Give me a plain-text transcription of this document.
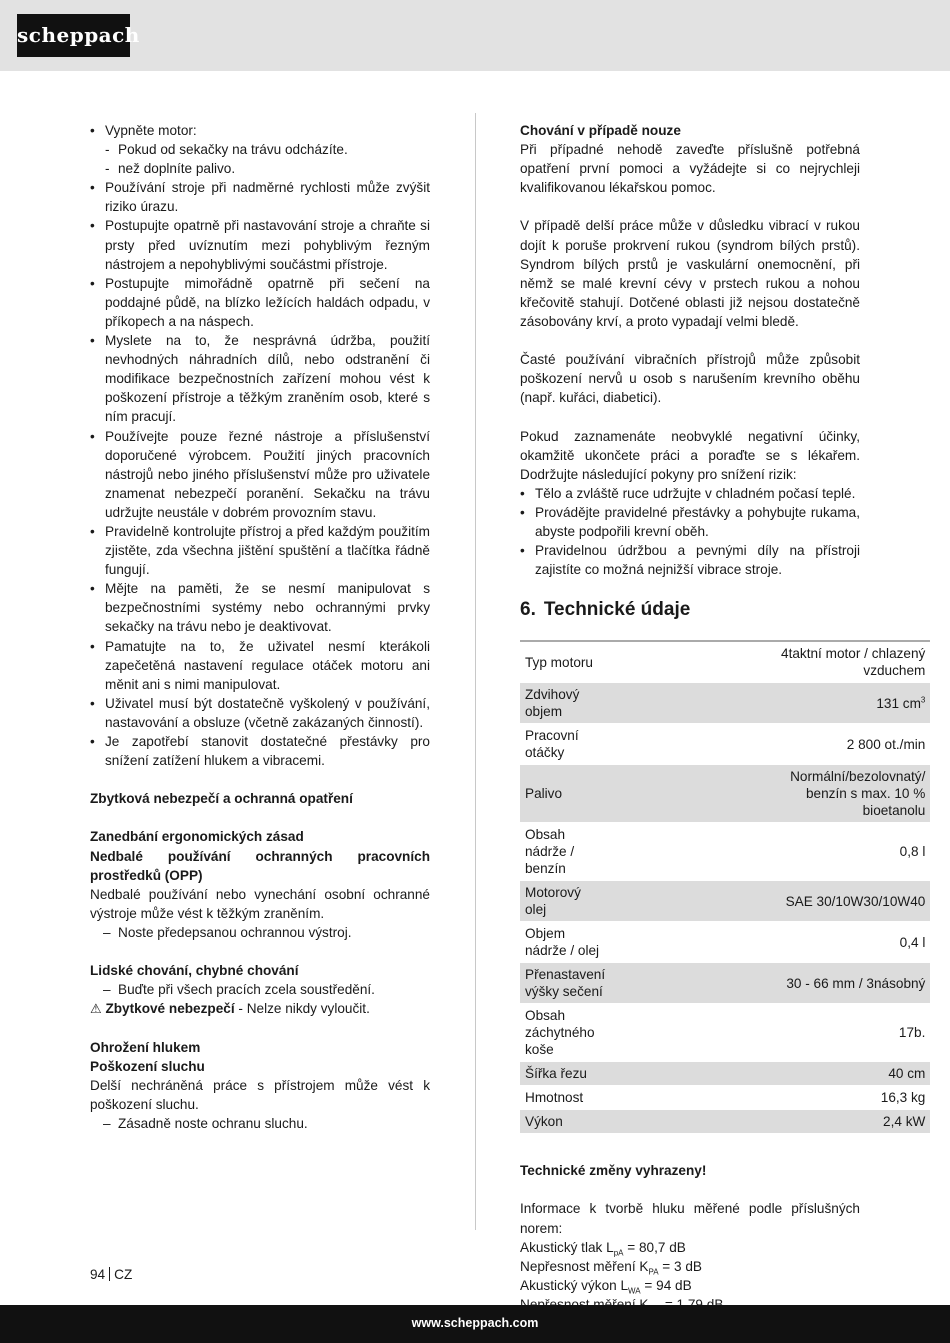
scheppach
• Vypněte motor:
- Pokud od sekačky na trávu odcházíte.
- než doplníte palivo.
• Používání stroje při nadměrné rychlosti může zvýšit riziko úrazu.
• Postupujte opatrně při nastavování stroje a chraňte si prsty před uvíznutím mezi pohyblivým řezným nástrojem a nepohyblivými součástmi přístroje.
• Postupujte mimořádně opatrně při sečení na poddajné půdě, na blízko ležících haldách odpadu, v příkopech a na náspech.
• Myslete na to, že nesprávná údržba, použití nevhodných náhradních dílů, nebo odstranění či modifikace bezpečnostních zařízení mohou vést k poškození přístroje a těžkým zraněním osob, které s ním pracují.
• Používejte pouze řezné nástroje a příslušenství doporučené výrobcem. Použití jiných pracovních nástrojů nebo jiného příslušenství může pro uživatele znamenat nebezpečí poranění. Sekačku na trávu udržujte neustále v dobrém provozním stavu.
• Pravidelně kontrolujte přístroj a před každým použitím zjistěte, zda všechna jištění spuštění a tlačítka řádně fungují.
• Mějte na paměti, že se nesmí manipulovat s bezpečnostními systémy nebo ochrannými prvky sekačky na trávu nebo je deaktivovat.
• Pamatujte na to, že uživatel nesmí kterákoli zapečetěná nastavení regulace otáček motoru ani měnit ani s nimi manipulovat.
• Uživatel musí být dostatečně vyškolený v používání, nastavování a obsluze (včetně zakázaných činností).
• Je zapotřebí stanovit dostatečné přestávky pro snížení zatížení hlukem a vibracemi.

Zbytková nebezpečí a ochranná opatření

Zanedbání ergonomických zásad

Nedbalé používání ochranných pracovních prostředků (OPP)

Nedbalé používání nebo vynechání osobní ochranné výstroje může vést k těžkým zraněním.

– Noste předepsanou ochrannou výstroj.

Lidské chování, chybné chování

– Buďte při všech pracích zcela soustředění.

⚠ Zbytkové nebezpečí - Nelze nikdy vyloučit.

Ohrožení hlukem

Poškození sluchu

Delší nechráněná práce s přístrojem může vést k poškození sluchu.

– Zásadně noste ochranu sluchu.

Chování v případě nouze

Při případné nehodě zaveďte příslušně potřebná opatření první pomoci a vyžádejte si co nejrychleji kvalifikovanou lékařskou pomoc.

V případě delší práce může v důsledku vibrací v rukou dojít k poruše prokrvení rukou (syndrom bílých prstů). Syndrom bílých prstů je vaskulární onemocnění, při němž se malé krevní cévy v prstech rukou a nohou křečovitě stahují. Dotčené oblasti již nejsou dostatečně zásobovány krví, a proto vypadají velmi bledě.

Časté používání vibračních přístrojů může způsobit poškození nervů u osob s narušením krevního oběhu (např. kuřáci, diabetici).

Pokud zaznamenáte neobvyklé negativní účinky, okamžitě ukončete práci a poraďte se s lékařem. Dodržujte následující pokyny pro snížení rizik:

• Tělo a zvláště ruce udržujte v chladném počasí teplé.
• Provádějte pravidelné přestávky a pohybujte rukama, abyste podpořili krevní oběh.
• Pravidelnou údržbou a pevnými díly na přístroji zajistíte co možná nejnižší vibrace stroje.
6. Technické údaje
Typ motoru	4taktní motor / chlazený vzduchem
Zdvihový objem	131 $cm^3$
Pracovní otáčky	2 800 ot./min
Palivo	Normální/bezolovnatý/ benzín s max. 10 % bioetanolu
Obsah nádrže / benzín	0,8 l
Motorový olej	SAE 30/10W30/10W40
Objem nádrže / olej	0,4 l
Přenastavení výšky sečení	30 - 66 mm / 3násobný
Obsah záchytného koše	17b.
Šířka řezu	40 cm
Hmotnost	16,3 kg
Výkon	2,4 kW

Technické změny vyhrazeny!

Informace k tvorbě hluku měřené podle příslušných norem:

Akustický tlak $L_{pA} = 80,7$ dB

Nepřesnost měření $K_{PA} = 3$ dB

Akustický výkon $L_{WA} = 94$ dB

94 CZ
www.scheppach.com
